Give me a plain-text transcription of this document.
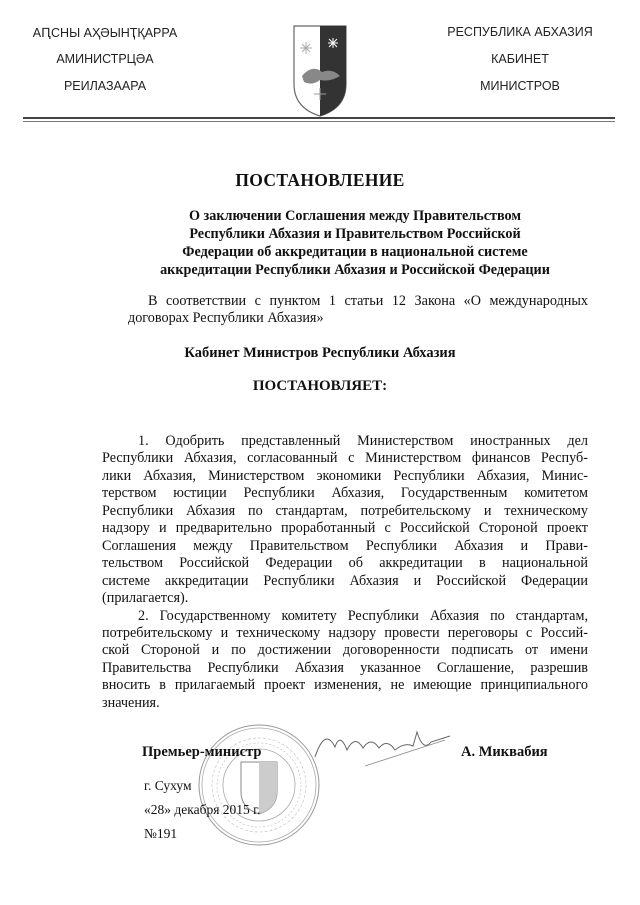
АԤСНЫ АҲӘЫНҬҚАРРА
АМИНИСТРЦӘА
РЕИЛАЗААРА
РЕСПУБЛИКА АБХАЗИЯ
КАБИНЕТ
МИНИСТРОВ
ПОСТАНОВЛЕНИЕ
О заключении Соглашения между Правительством
Республики Абхазия и Правительством Российской
Федерации об аккредитации в национальной системе
аккредитации Республики Абхазия и Российской Федерации
В соответствии с пунктом 1 статьи 12 Закона «О международных
договорах Республики Абхазия»
Кабинет Министров Республики Абхазия
ПОСТАНОВЛЯЕТ:
1. Одобрить представленный Министерством иностранных дел
Республики Абхазия, согласованный с Министерством финансов Респуб-
лики Абхазия, Министерством экономики Республики Абхазия, Минис-
терством юстиции Республики Абхазия, Государственным комитетом
Республики Абхазия по стандартам, потребительскому и техническому
надзору и предварительно проработанный с Российской Стороной проект
Соглашения между Правительством Республики Абхазия и Прави-
тельством Российской Федерации об аккредитации в национальной
системе аккредитации Республики Абхазия и Российской Федерации
(прилагается).
2. Государственному комитету Республики Абхазия по стандартам,
потребительскому и техническому надзору провести переговоры с Россий-
ской Стороной и по достижении договоренности подписать от имени
Правительства Республики Абхазия указанное Соглашение, разрешив
вносить в прилагаемый проект изменения, не имеющие принципиального
значения.
Премьер-министр	А. Миквабия
г. Сухум
«28» декабря 2015 г.
№191
